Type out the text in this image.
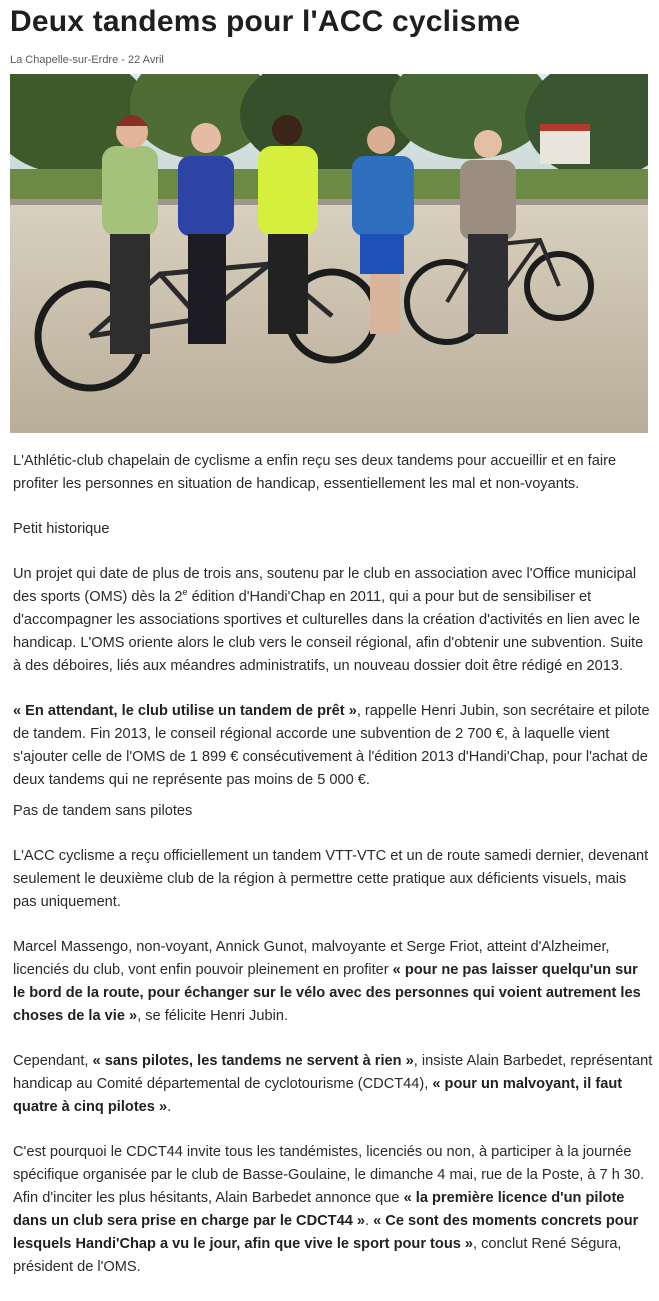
Deux tandems pour l'ACC cyclisme
La Chapelle-sur-Erdre - 22 Avril

L'Athlétic-club chapelain de cyclisme a enfin reçu ses deux tandems pour accueillir et en faire profiter les personnes en situation de handicap, essentiellement les mal et non-voyants.

Petit historique

Un projet qui date de plus de trois ans, soutenu par le club en association avec l'Office municipal des sports (OMS) dès la 2e édition d'Handi'Chap en 2011, qui a pour but de sensibiliser et d'accompagner les associations sportives et culturelles dans la création d'activités en lien avec le handicap. L'OMS oriente alors le club vers le conseil régional, afin d'obtenir une subvention. Suite à des déboires, liés aux méandres administratifs, un nouveau dossier doit être rédigé en 2013.

« En attendant, le club utilise un tandem de prêt », rappelle Henri Jubin, son secrétaire et pilote de tandem. Fin 2013, le conseil régional accorde une subvention de 2 700 €, à laquelle vient s'ajouter celle de l'OMS de 1 899 € consécutivement à l'édition 2013 d'Handi'Chap, pour l'achat de deux tandems qui ne représente pas moins de 5 000 €.

Pas de tandem sans pilotes

L'ACC cyclisme a reçu officiellement un tandem VTT-VTC et un de route samedi dernier, devenant seulement le deuxième club de la région à permettre cette pratique aux déficients visuels, mais pas uniquement.

Marcel Massengo, non-voyant, Annick Gunot, malvoyante et Serge Friot, atteint d'Alzheimer, licenciés du club, vont enfin pouvoir pleinement en profiter « pour ne pas laisser quelqu'un sur le bord de la route, pour échanger sur le vélo avec des personnes qui voient autrement les choses de la vie », se félicite Henri Jubin.

Cependant, « sans pilotes, les tandems ne servent à rien », insiste Alain Barbedet, représentant handicap au Comité départemental de cyclotourisme (CDCT44), « pour un malvoyant, il faut quatre à cinq pilotes ».

C'est pourquoi le CDCT44 invite tous les tandémistes, licenciés ou non, à participer à la journée spécifique organisée par le club de Basse-Goulaine, le dimanche 4 mai, rue de la Poste, à 7 h 30. Afin d'inciter les plus hésitants, Alain Barbedet annonce que « la première licence d'un pilote dans un club sera prise en charge par le CDCT44 ». « Ce sont des moments concrets pour lesquels Handi'Chap a vu le jour, afin que vive le sport pour tous », conclut René Ségura, président de l'OMS.
